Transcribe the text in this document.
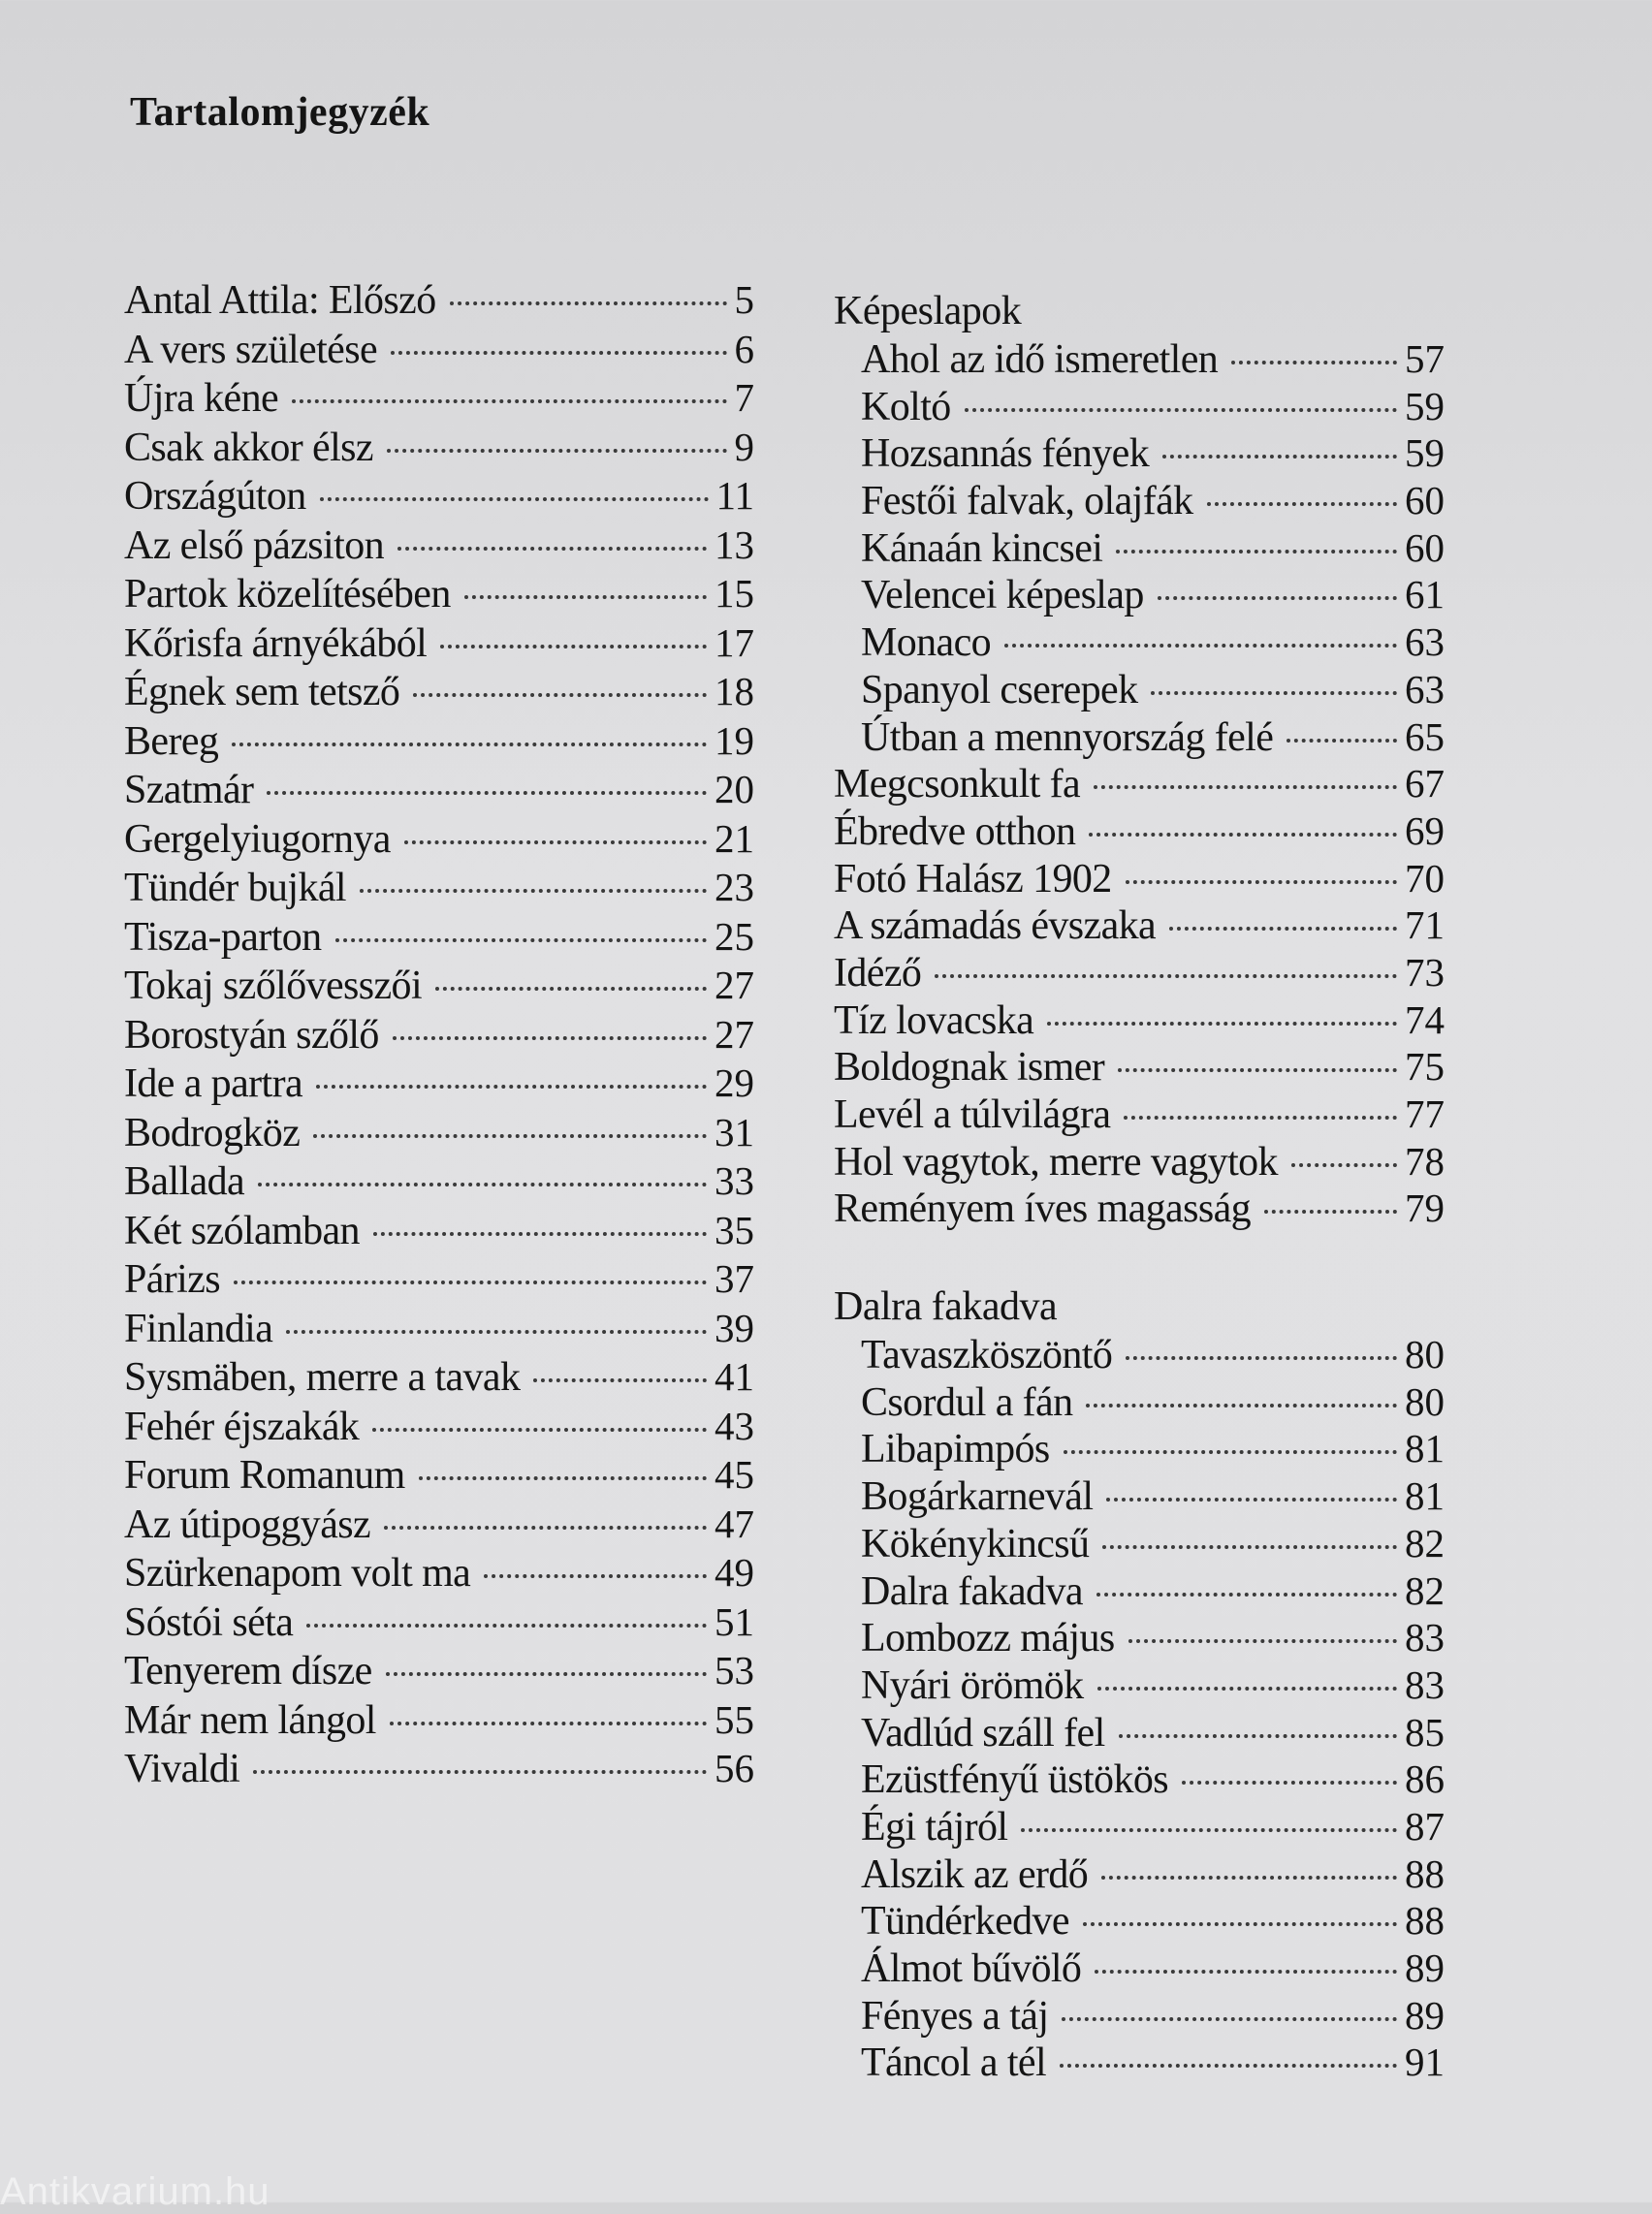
Tartalomjegyzék
Antal Attila: Előszó	5
A vers születése	6
Újra kéne	7
Csak akkor élsz	9
Országúton	11
Az első pázsiton	13
Partok közelítésében	15
Kőrisfa árnyékából	17
Égnek sem tetsző	18
Bereg	19
Szatmár	20
Gergelyiugornya	21
Tündér bujkál	23
Tisza-parton	25
Tokaj szőlővesszői	27
Borostyán szőlő	27
Ide a partra	29
Bodrogköz	31
Ballada	33
Két szólamban	35
Párizs	37
Finlandia	39
Sysmäben, merre a tavak	41
Fehér éjszakák	43
Forum Romanum	45
Az útipoggyász	47
Szürkenapom volt ma	49
Sóstói séta	51
Tenyerem dísze	53
Már nem lángol	55
Vivaldi	56
Képeslapok
Ahol az idő ismeretlen	57
Koltó	59
Hozsannás fények	59
Festői falvak, olajfák	60
Kánaán kincsei	60
Velencei képeslap	61
Monaco	63
Spanyol cserepek	63
Útban a mennyország felé	65
Megcsonkult fa	67
Ébredve otthon	69
Fotó Halász 1902	70
A számadás évszaka	71
Idéző	73
Tíz lovacska	74
Boldognak ismer	75
Levél a túlvilágra	77
Hol vagytok, merre vagytok	78
Reményem íves magasság	79
Dalra fakadva
Tavaszköszöntő	80
Csordul a fán	80
Libapimpós	81
Bogárkarnevál	81
Kökénykincsű	82
Dalra fakadva	82
Lombozz május	83
Nyári örömök	83
Vadlúd száll fel	85
Ezüstfényű üstökös	86
Égi tájról	87
Alszik az erdő	88
Tündérkedve	88
Álmot bűvölő	89
Fényes a táj	89
Táncol a tél	91
Antikvarium.hu
